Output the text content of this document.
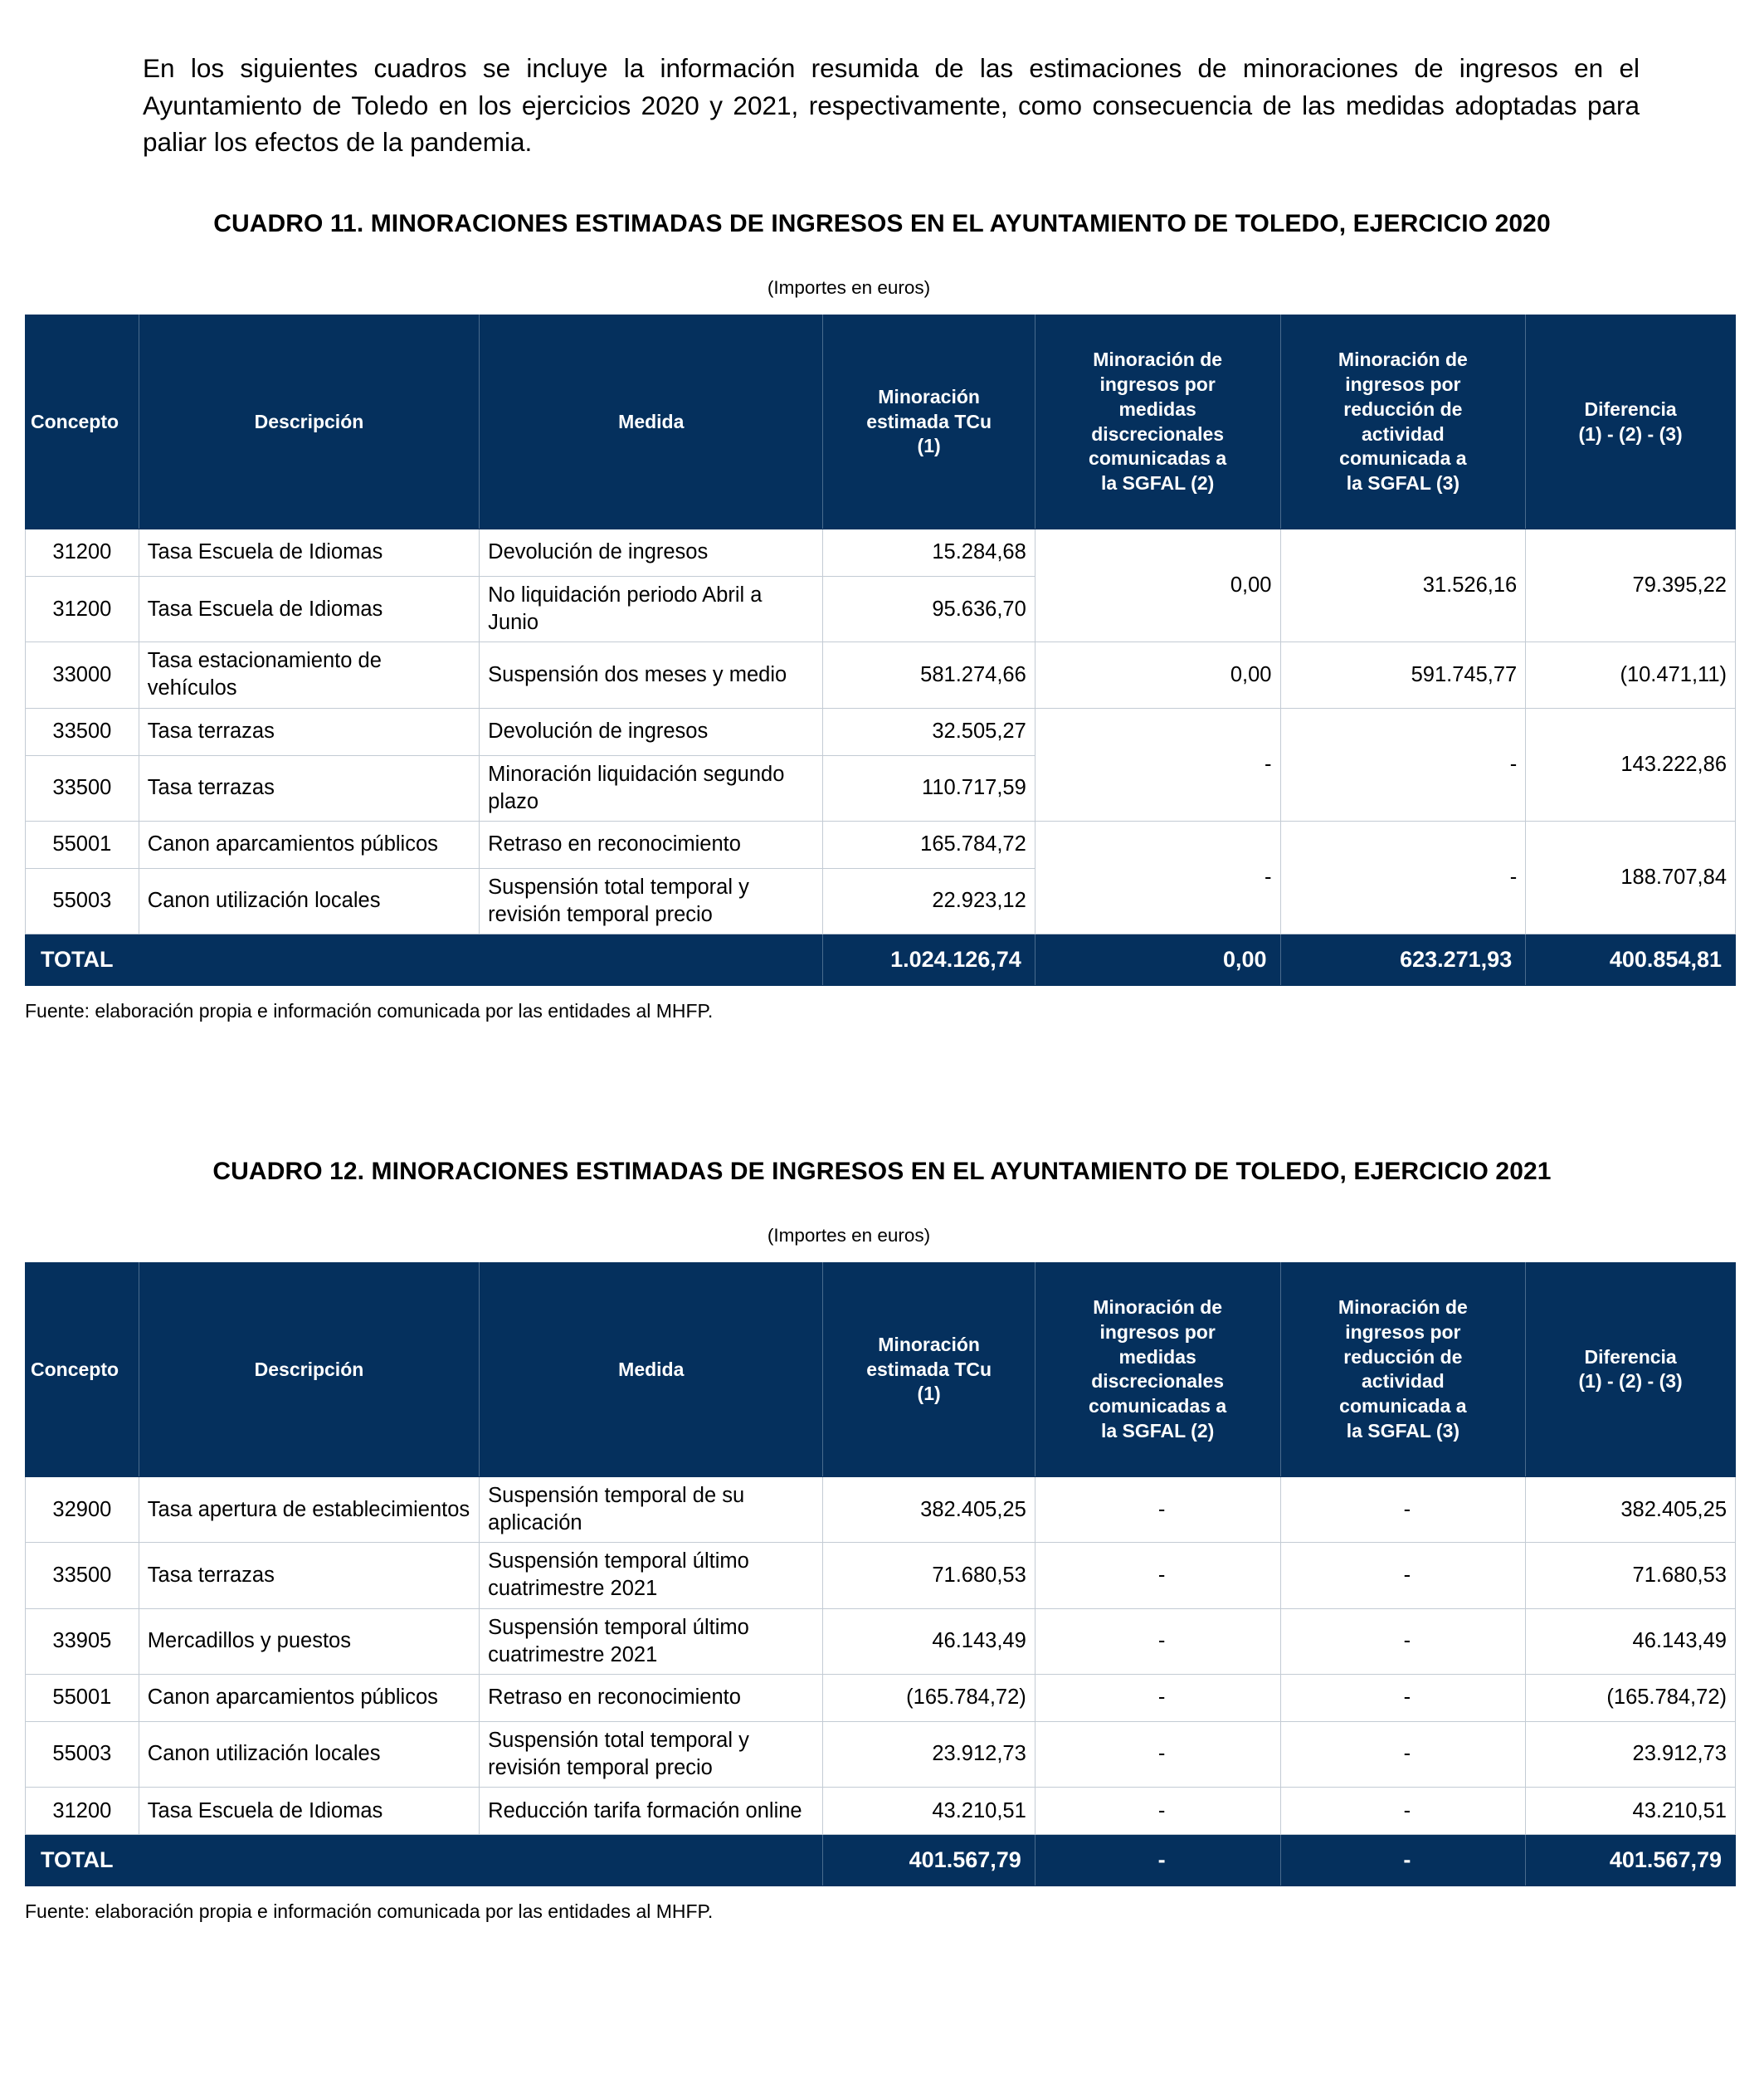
En los siguientes cuadros se incluye la información resumida de las estimaciones de minoraciones de ingresos en el Ayuntamiento de Toledo en los ejercicios 2020 y 2021, respectivamente, como consecuencia de las medidas adoptadas para paliar los efectos de la pandemia.

CUADRO 11. MINORACIONES ESTIMADAS DE INGRESOS EN EL AYUNTAMIENTO DE TOLEDO, EJERCICIO 2020
(Importes en euros)
Concepto	Descripción	Medida	Minoración
estimada TCu
(1)	Minoración de
ingresos por
medidas
discrecionales
comunicadas a
la SGFAL (2)	Minoración de
ingresos por
reducción de
actividad
comunicada a
la SGFAL (3)	Diferencia
(1) - (2) - (3)
31200	Tasa Escuela de Idiomas	Devolución de ingresos	15.284,68	0,00	31.526,16	79.395,22
31200	Tasa Escuela de Idiomas	No liquidación periodo Abril a Junio	95.636,70			
33000	Tasa estacionamiento de vehículos	Suspensión dos meses y medio	581.274,66	0,00	591.745,77	(10.471,11)
33500	Tasa terrazas	Devolución de ingresos	32.505,27	-	-	143.222,86
33500	Tasa terrazas	Minoración liquidación segundo plazo	110.717,59			
55001	Canon aparcamientos públicos	Retraso en reconocimiento	165.784,72	-	-	188.707,84
55003	Canon utilización locales	Suspensión total temporal y revisión temporal precio	22.923,12			
TOTAL			1.024.126,74	0,00	623.271,93	400.854,81
Fuente: elaboración propia e información comunicada por las entidades al MHFP.
CUADRO 12. MINORACIONES ESTIMADAS DE INGRESOS EN EL AYUNTAMIENTO DE TOLEDO, EJERCICIO 2021
(Importes en euros)
Concepto	Descripción	Medida	Minoración
estimada TCu
(1)	Minoración de
ingresos por
medidas
discrecionales
comunicadas a
la SGFAL (2)	Minoración de
ingresos por
reducción de
actividad
comunicada a
la SGFAL (3)	Diferencia
(1) - (2) - (3)
32900	Tasa apertura de establecimientos	Suspensión temporal de su aplicación	382.405,25	-	-	382.405,25
33500	Tasa terrazas	Suspensión temporal último cuatrimestre 2021	71.680,53	-	-	71.680,53
33905	Mercadillos y puestos	Suspensión temporal último cuatrimestre 2021	46.143,49	-	-	46.143,49
55001	Canon aparcamientos públicos	Retraso en reconocimiento	(165.784,72)	-	-	(165.784,72)
55003	Canon utilización locales	Suspensión total temporal y revisión temporal precio	23.912,73	-	-	23.912,73
31200	Tasa Escuela de Idiomas	Reducción tarifa formación online	43.210,51	-	-	43.210,51
TOTAL			401.567,79	-	-	401.567,79
Fuente: elaboración propia e información comunicada por las entidades al MHFP.
